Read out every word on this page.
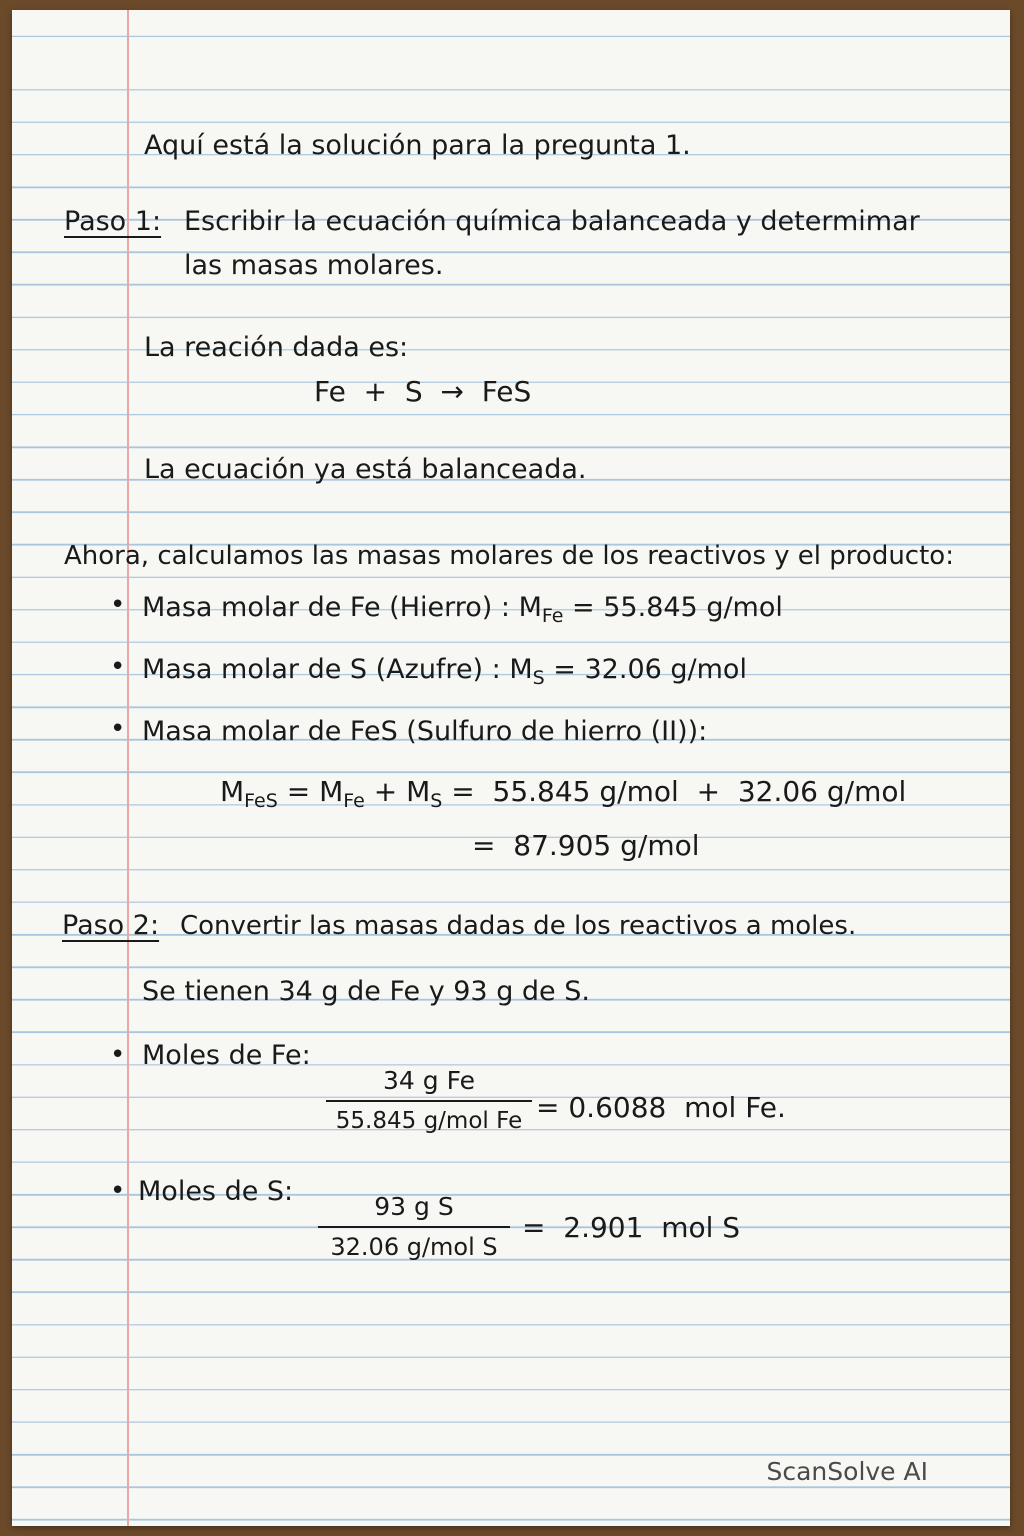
Aquí está la solución para la pregunta 1.
Paso 1: Escribir la ecuación química balanceada y determimar
las masas molares.
La reación dada es:
Fe  +  S  →  FeS
La ecuación ya está balanceada.
Ahora, calculamos las masas molares de los reactivos y el producto:
• Masa molar de Fe (Hierro) : $M_{Fe} = 55.845$ g/mol
• Masa molar de S (Azufre) : $M_S = 32.06$ g/mol
• Masa molar de FeS (Sulfuro de hierro (II)):
$M_{FeS} = M_{Fe} + M_S = 55.845$ g/mol  +  32.06 g/mol
=  87.905 g/mol
Paso 2: Convertir las masas dadas de los reactivos a moles.
Se tienen 34 g de Fe y 93 g de S.
• Moles de Fe:
34 g Fe
55.845 g/mol Fe = 0.6088  mol Fe.
• Moles de S:	93 g S
32.06 g/mol S
=  2.901  mol S
ScanSolve AI
